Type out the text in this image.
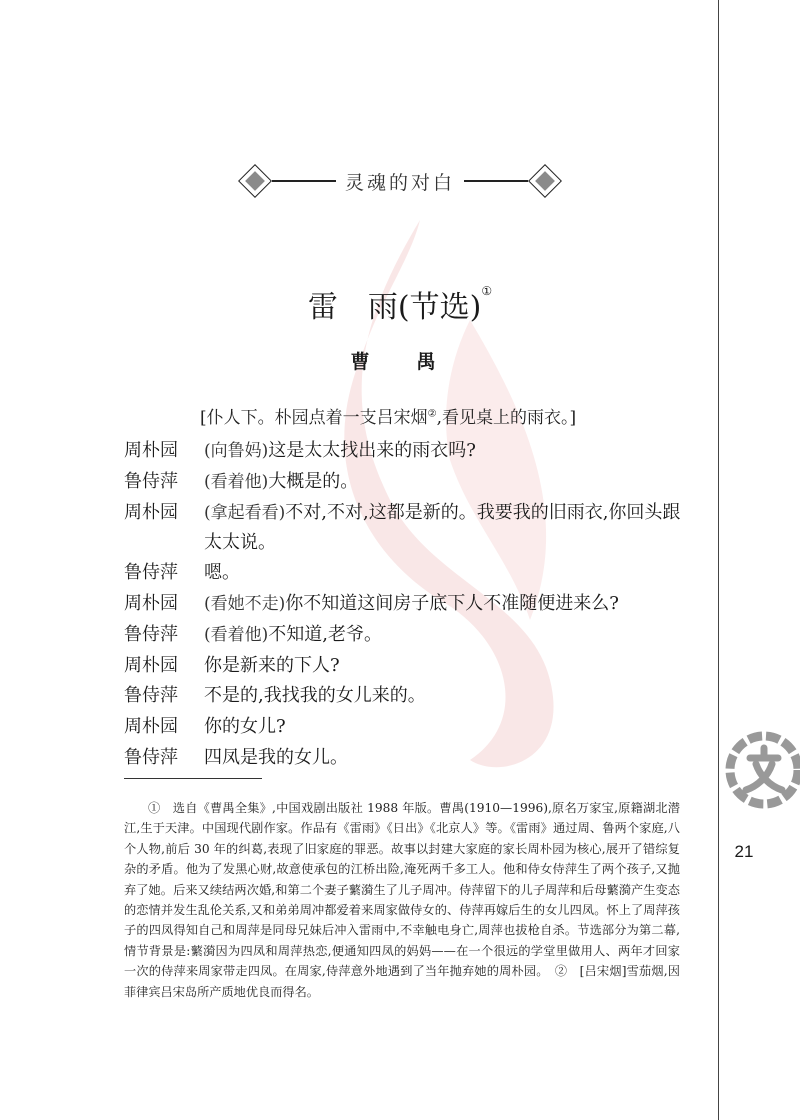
灵魂的对白
雷　雨(节选)①
曹　禺
[仆人下。朴园点着一支吕宋烟②,看见桌上的雨衣。]
周朴园	(向鲁妈)这是太太找出来的雨衣吗?
鲁侍萍	(看着他)大概是的。
周朴园	(拿起看看)不对,不对,这都是新的。我要我的旧雨衣,你回头跟太太说。
鲁侍萍	嗯。
周朴园	(看她不走)你不知道这间房子底下人不准随便进来么?
鲁侍萍	(看着他)不知道,老爷。
周朴园	你是新来的下人?
鲁侍萍	不是的,我找我的女儿来的。
周朴园	你的女儿?
鲁侍萍	四凤是我的女儿。
①　选自《曹禺全集》,中国戏剧出版社 1988 年版。曹禺(1910—1996),原名万家宝,原籍湖北潜江,生于天津。中国现代剧作家。作品有《雷雨》《日出》《北京人》等。《雷雨》通过周、鲁两个家庭,八个人物,前后 30 年的纠葛,表现了旧家庭的罪恶。故事以封建大家庭的家长周朴园为核心,展开了错综复杂的矛盾。他为了发黑心财,故意使承包的江桥出险,淹死两千多工人。他和侍女侍萍生了两个孩子,又抛弃了她。后来又续结两次婚,和第二个妻子蘩漪生了儿子周冲。侍萍留下的儿子周萍和后母蘩漪产生变态的恋情并发生乱伦关系,又和弟弟周冲都爱着来周家做侍女的、侍萍再嫁后生的女儿四凤。怀上了周萍孩子的四凤得知自己和周萍是同母兄妹后冲入雷雨中,不幸触电身亡,周萍也拔枪自杀。节选部分为第二幕,情节背景是:蘩漪因为四凤和周萍热恋,便通知四凤的妈妈——在一个很远的学堂里做用人、两年才回家一次的侍萍来周家带走四凤。在周家,侍萍意外地遇到了当年抛弃她的周朴园。　②　[吕宋烟]雪茄烟,因菲律宾吕宋岛所产质地优良而得名。
21
